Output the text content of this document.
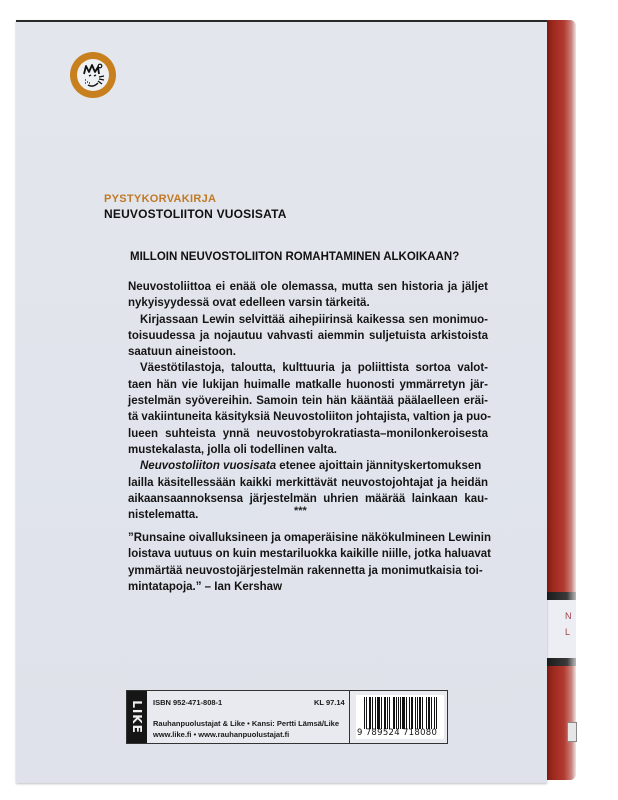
N
L
PYSTYKORVAKIRJA
NEUVOSTOLIITON VUOSISATA
MILLOIN NEUVOSTOLIITON ROMAHTAMINEN ALKOIKAAN?

Neuvostoliittoa ei enää ole olemassa, mutta sen historia ja jäljet
nykyisyydessä ovat edelleen varsin tärkeitä.

Kirjassaan Lewin selvittää aihepiirinsä kaikessa sen monimuo-

toisuudessa ja nojautuu vahvasti aiemmin suljetuista arkistoista
saatuun aineistoon.

Väestötilastoja, taloutta, kulttuuria ja poliittista sortoa valot-

taen hän vie lukijan huimalle matkalle huonosti ymmärretyn jär-
jestelmän syövereihin. Samoin tein hän kääntää päälaelleen eräi-
tä vakiintuneita käsityksiä Neuvostoliiton johtajista, valtion ja puo-
lueen suhteista ynnä neuvostobyrokratiasta–monilonkeroisesta
mustekalasta, jolla oli todellinen valta.

Neuvostoliiton vuosisata etenee ajoittain jännityskertomuksen

lailla käsitellessään kaikki merkittävät neuvostojohtajat ja heidän
aikaansaannoksensa järjestelmän uhrien määrää lainkaan kau-
nistelematta.	***
”Runsaine oivalluksineen ja omaperäisine näkökulmineen Lewinin
loistava uutuus on kuin mestariluokka kaikille niille, jotka haluavat
ymmärtää neuvostojärjestelmän rakennetta ja monimutkaisia toi-
mintatapoja.” – Ian Kershaw
LIKE ISBN 952-471-808-1	KL 97.14
Rauhanpuolustajat & Like • Kansi: Pertti Lämsä/Like
www.like.fi • www.rauhanpuolustajat.fi	9 789524 718080
